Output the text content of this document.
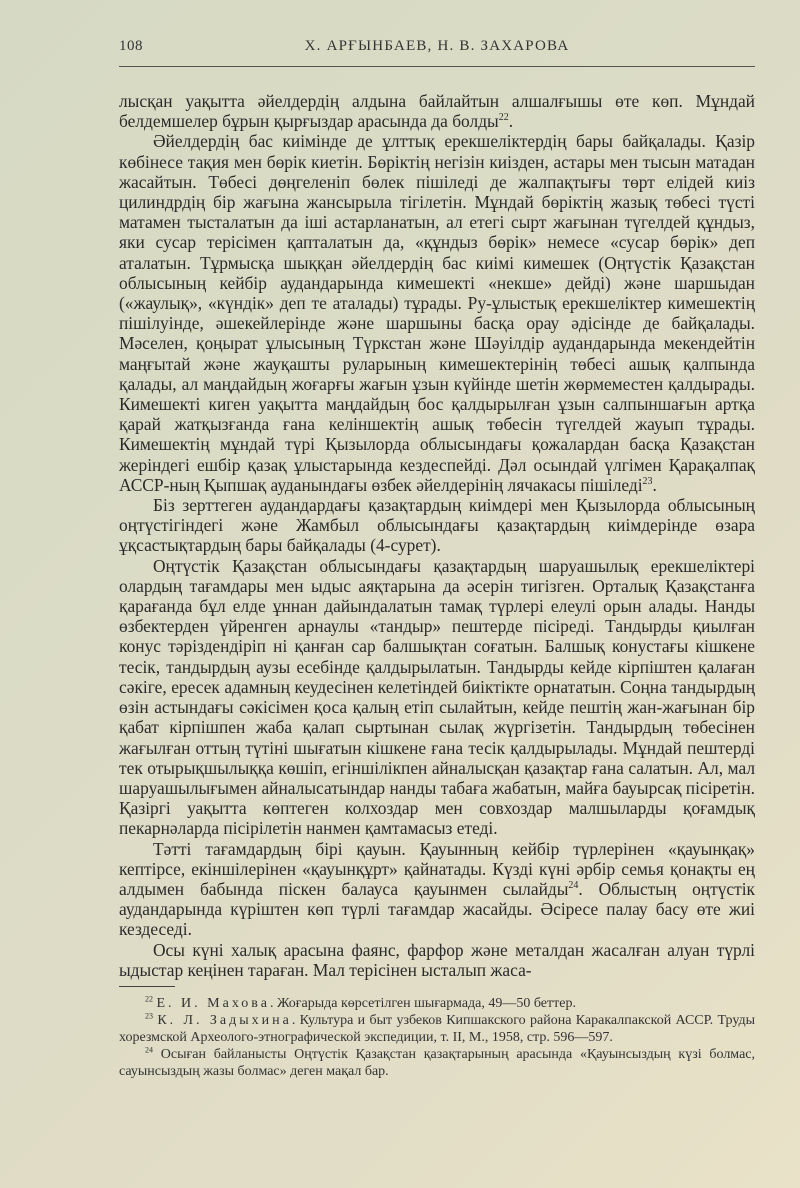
108	Х. АРҒЫНБАЕВ, Н. В. ЗАХАРОВА

лысқан уақытта әйелдердің алдына байлайтын алшалғышы өте көп. Мұндай белдемшелер бұрын қырғыздар арасында да болды$^{22}$.

Әйелдердің бас киімінде де ұлттық ерекшеліктердің бары байқалады. Қазір көбінесе тақия мен бөрік киетін. Бөріктің негізін киізден, астары мен тысын матадан жасайтын. Төбесі дөңгеленіп бөлек пішіледі де жалпақтығы төрт елідей киіз цилиндрдің бір жағына жансырыла тігілетін. Мұндай бөріктің жазық төбесі түсті матамен тысталатын да іші астарланатын, ал етегі сырт жағынан түгелдей құндыз, яки сусар терісімен қапталатын да, «құндыз бөрік» немесе «сусар бөрік» деп аталатын. Тұрмысқа шыққан әйелдердің бас киімі кимешек (Оңтүстік Қазақстан облысының кейбір аудандарында кимешекті «некше» дейді) және шаршыдан («жаулық», «күндік» деп те аталады) тұрады. Ру-ұлыстық ерекшеліктер кимешектің пішілуінде, әшекейлерінде және шаршыны басқа орау әдісінде де байқалады. Мәселен, қоңырат ұлысының Түркстан және Шәуілдір аудандарында мекендейтін маңғытай және жауқашты руларының кимешектерінің төбесі ашық қалпында қалады, ал маңдайдың жоғарғы жағын ұзын күйінде шетін жөрмеместен қалдырады. Кимешекті киген уақытта маңдайдың бос қалдырылған ұзын салпыншағын артқа қарай жатқызғанда ғана келіншектің ашық төбесін түгелдей жауып тұрады. Кимешектің мұндай түрі Қызылорда облысындағы қожалардан басқа Қазақстан жеріндегі ешбір қазақ ұлыстарында кездеспейді. Дәл осындай үлгімен Қарақалпақ АССР-ның Қыпшақ ауданындағы өзбек әйелдерінің лячакасы пішіледі$^{23}$.

Біз зерттеген аудандардағы қазақтардың киімдері мен Қызылорда облысының оңтүстігіндегі және Жамбыл облысындағы қазақтардың киімдерінде өзара ұқсастықтардың бары байқалады (4-сурет).

Оңтүстік Қазақстан облысындағы қазақтардың шаруашылық ерекшеліктері олардың тағамдары мен ыдыс аяқтарына да әсерін тигізген. Орталық Қазақстанға қарағанда бұл елде ұннан дайындалатын тамақ түрлері елеулі орын алады. Нанды өзбектерден үйренген арнаулы «тандыр» пештерде пісіреді. Тандырды қиылған конус тәріздендіріп ні қанған сар балшықтан соғатын. Балшық конустағы кішкене тесік, тандырдың аузы есебінде қалдырылатын. Тандырды кейде кірпіштен қалаған сәкіге, ересек адамның кеудесінен келетіндей биіктікте орнататын. Соңна тандырдың өзін астындағы сәкісімен қоса қалың етіп сылайтын, кейде пештің жан-жағынан бір қабат кірпішпен жаба қалап сыртынан сылақ жүргізетін. Тандырдың төбесінен жағылған оттың түтіні шығатын кішкене ғана тесік қалдырылады. Мұндай пештерді тек отырықшылыққа көшіп, егіншілікпен айналысқан қазақтар ғана салатын. Ал, мал шаруашылығымен айналысатындар нанды табаға жабатын, майға бауырсақ пісіретін. Қазіргі уақытта көптеген колхоздар мен совхоздар малшыларды қоғамдық пекарнәларда пісірілетін нанмен қамтамасыз етеді.

Тәтті тағамдардың бірі қауын. Қауынның кейбір түрлерінен «қауынқақ» кептірсе, екіншілерінен «қауынқұрт» қайнатады. Күзді күні әрбір семья қонақты ең алдымен бабында піскен балауса қауынмен сылайды$^{24}$. Облыстың оңтүстік аудандарында күріштен көп түрлі тағамдар жасайды. Әсіресе палау басу өте жиі кездеседі.

Осы күні халық арасына фаянс, фарфор және металдан жасалған алуан түрлі ыдыстар кеңінен тараған. Мал терісінен ысталып жаса-

$^{22}$ Е. И. Махова. Жоғарыда көрсетілген шығармада, 49—50 беттер.

$^{23}$ К. Л. Задыхина. Культура и быт узбеков Кипшакского района Каракалпакской АССР. Труды хорезмской Археолого-этнографической экспедиции, т. II, М., 1958, стр. 596—597.

$^{24}$ Осыған байланысты Оңтүстік Қазақстан қазақтарының арасында «Қауынсыздың күзі болмас, сауынсыздың жазы болмас» деген мақал бар.
